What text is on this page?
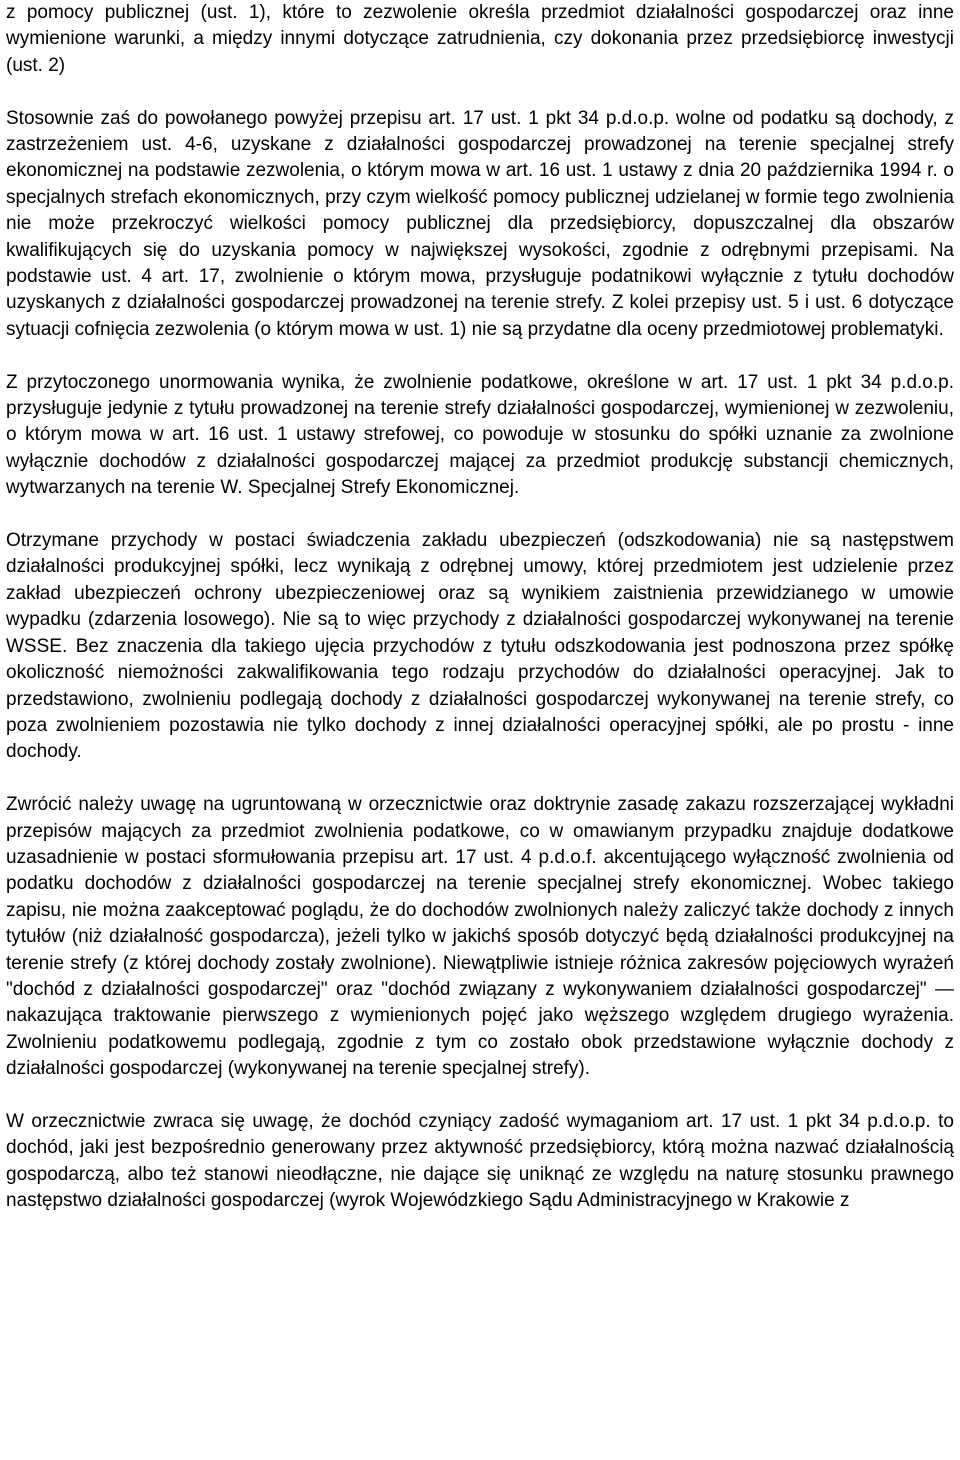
z pomocy publicznej (ust. 1), które to zezwolenie określa przedmiot działalności gospodarczej oraz inne wymienione warunki, a między innymi dotyczące zatrudnienia, czy dokonania przez przedsiębiorcę inwestycji (ust. 2)

Stosownie zaś do powołanego powyżej przepisu art. 17 ust. 1 pkt 34 p.d.o.p. wolne od podatku są dochody, z zastrzeżeniem ust. 4-6, uzyskane z działalności gospodarczej prowadzonej na terenie specjalnej strefy ekonomicznej na podstawie zezwolenia, o którym mowa w art. 16 ust. 1 ustawy z dnia 20 października 1994 r. o specjalnych strefach ekonomicznych, przy czym wielkość pomocy publicznej udzielanej w formie tego zwolnienia nie może przekroczyć wielkości pomocy publicznej dla przedsiębiorcy, dopuszczalnej dla obszarów kwalifikujących się do uzyskania pomocy w największej wysokości, zgodnie z odrębnymi przepisami. Na podstawie ust. 4 art. 17, zwolnienie o którym mowa, przysługuje podatnikowi wyłącznie z tytułu dochodów uzyskanych z działalności gospodarczej prowadzonej na terenie strefy. Z kolei przepisy ust. 5 i ust. 6 dotyczące sytuacji cofnięcia zezwolenia (o którym mowa w ust. 1) nie są przydatne dla oceny przedmiotowej problematyki.

Z przytoczonego unormowania wynika, że zwolnienie podatkowe, określone w art. 17 ust. 1 pkt 34 p.d.o.p. przysługuje jedynie z tytułu prowadzonej na terenie strefy działalności gospodarczej, wymienionej w zezwoleniu, o którym mowa w art. 16 ust. 1 ustawy strefowej, co powoduje w stosunku do spółki uznanie za zwolnione wyłącznie dochodów z działalności gospodarczej mającej za przedmiot produkcję substancji chemicznych, wytwarzanych na terenie W. Specjalnej Strefy Ekonomicznej.

Otrzymane przychody w postaci świadczenia zakładu ubezpieczeń (odszkodowania) nie są następstwem działalności produkcyjnej spółki, lecz wynikają z odrębnej umowy, której przedmiotem jest udzielenie przez zakład ubezpieczeń ochrony ubezpieczeniowej oraz są wynikiem zaistnienia przewidzianego w umowie wypadku (zdarzenia losowego). Nie są to więc przychody z działalności gospodarczej wykonywanej na terenie WSSE. Bez znaczenia dla takiego ujęcia przychodów z tytułu odszkodowania jest podnoszona przez spółkę okoliczność niemożności zakwalifikowania tego rodzaju przychodów do działalności operacyjnej. Jak to przedstawiono, zwolnieniu podlegają dochody z działalności gospodarczej wykonywanej na terenie strefy, co poza zwolnieniem pozostawia nie tylko dochody z innej działalności operacyjnej spółki, ale po prostu - inne dochody.

Zwrócić należy uwagę na ugruntowaną w orzecznictwie oraz doktrynie zasadę zakazu rozszerzającej wykładni przepisów mających za przedmiot zwolnienia podatkowe, co w omawianym przypadku znajduje dodatkowe uzasadnienie w postaci sformułowania przepisu art. 17 ust. 4 p.d.o.f. akcentującego wyłączność zwolnienia od podatku dochodów z działalności gospodarczej na terenie specjalnej strefy ekonomicznej. Wobec takiego zapisu, nie można zaakceptować poglądu, że do dochodów zwolnionych należy zaliczyć także dochody z innych tytułów (niż działalność gospodarcza), jeżeli tylko w jakichś sposób dotyczyć będą działalności produkcyjnej na terenie strefy (z której dochody zostały zwolnione). Niewątpliwie istnieje różnica zakresów pojęciowych wyrażeń "dochód z działalności gospodarczej" oraz "dochód związany z wykonywaniem działalności gospodarczej" — nakazująca traktowanie pierwszego z wymienionych pojęć jako węższego względem drugiego wyrażenia. Zwolnieniu podatkowemu podlegają, zgodnie z tym co zostało obok przedstawione wyłącznie dochody z działalności gospodarczej (wykonywanej na terenie specjalnej strefy).

W orzecznictwie zwraca się uwagę, że dochód czyniący zadość wymaganiom art. 17 ust. 1 pkt 34 p.d.o.p. to dochód, jaki jest bezpośrednio generowany przez aktywność przedsiębiorcy, którą można nazwać działalnością gospodarczą, albo też stanowi nieodłączne, nie dające się uniknąć ze względu na naturę stosunku prawnego następstwo działalności gospodarczej (wyrok Wojewódzkiego Sądu Administracyjnego w Krakowie z
